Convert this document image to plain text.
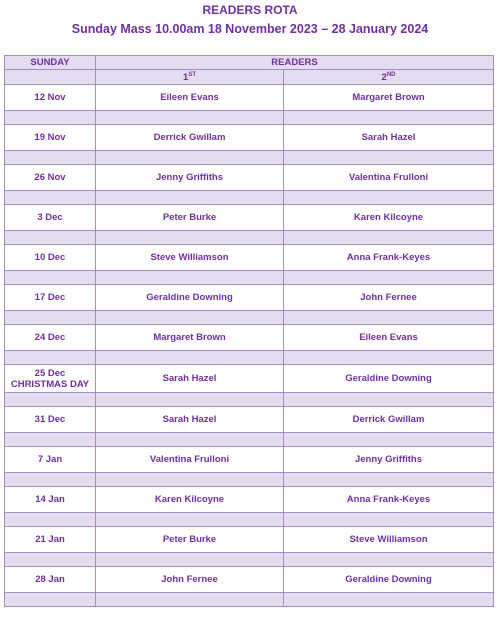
READERS ROTA
Sunday Mass 10.00am 18 November 2023 – 28 January 2024
SUNDAY	READERS	
	1ST	2ND

12 Nov	Eileen Evans	Margaret Brown

19 Nov	Derrick Gwillam	Sarah Hazel

26 Nov	Jenny Griffiths	Valentina Frulloni

3 Dec	Peter Burke	Karen Kilcoyne

10 Dec	Steve Williamson	Anna Frank-Keyes

17 Dec	Geraldine Downing	John Fernee

24 Dec	Margaret Brown	Eileen Evans

25 Dec
CHRISTMAS DAY	Sarah Hazel	Geraldine Downing

31 Dec	Sarah Hazel	Derrick Gwillam

7 Jan	Valentina Frulloni	Jenny Griffiths

14 Jan	Karen Kilcoyne	Anna Frank-Keyes

21 Jan	Peter Burke	Steve Williamson

28 Jan	John Fernee	Geraldine Downing
